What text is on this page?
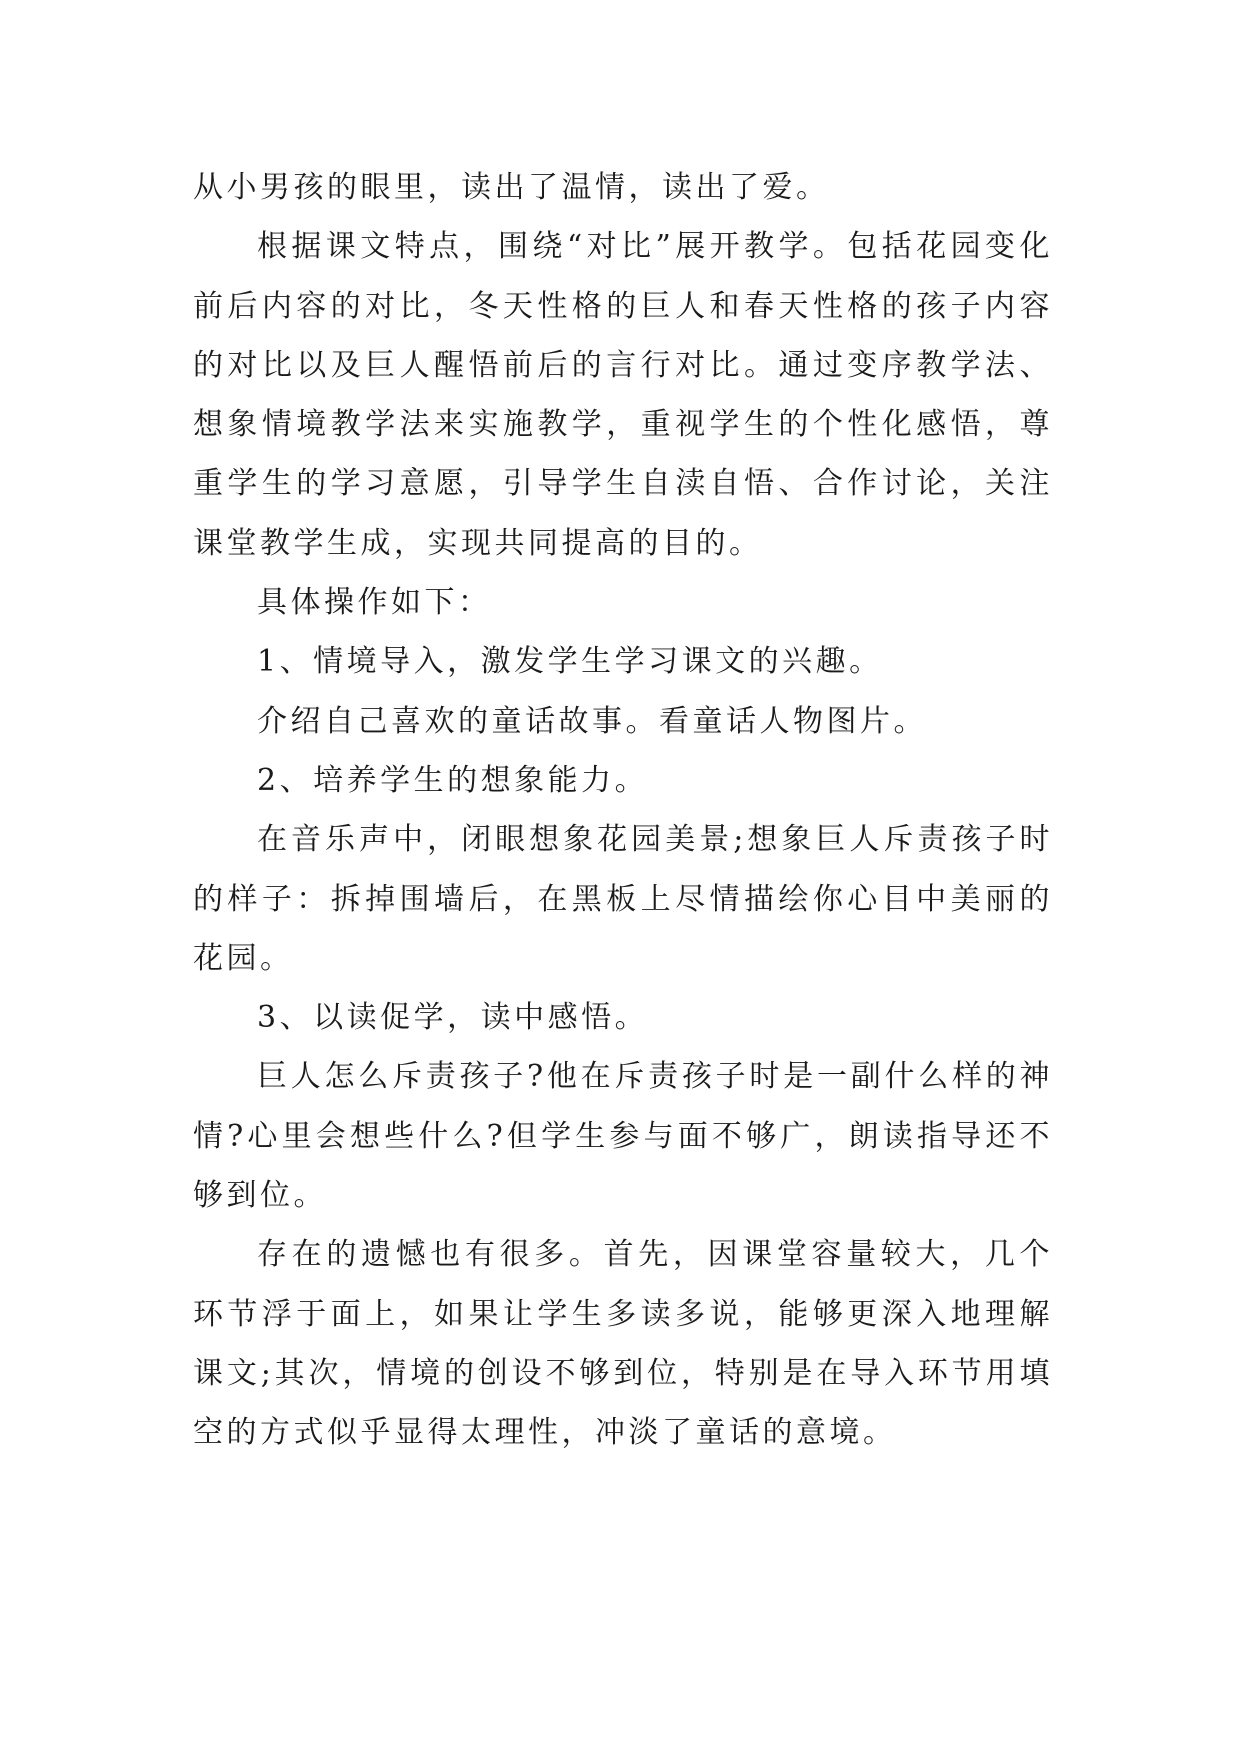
从小男孩的眼里，读出了温情，读出了爱。

根据课文特点，围绕“对比”展开教学。包括花园变化前后内容的对比，冬天性格的巨人和春天性格的孩子内容的对比以及巨人醒悟前后的言行对比。通过变序教学法、想象情境教学法来实施教学，重视学生的个性化感悟，尊重学生的学习意愿，引导学生自渎自悟、合作讨论，关注课堂教学生成，实现共同提高的目的。

具体操作如下：

1、情境导入，激发学生学习课文的兴趣。

介绍自己喜欢的童话故事。看童话人物图片。

2、培养学生的想象能力。

在音乐声中，闭眼想象花园美景;想象巨人斥责孩子时的样子：拆掉围墙后，在黑板上尽情描绘你心目中美丽的花园。

3、以读促学，读中感悟。

巨人怎么斥责孩子?他在斥责孩子时是一副什么样的神情?心里会想些什么?但学生参与面不够广，朗读指导还不够到位。

存在的遗憾也有很多。首先，因课堂容量较大，几个环节浮于面上，如果让学生多读多说，能够更深入地理解课文;其次，情境的创设不够到位，特别是在导入环节用填空的方式似乎显得太理性，冲淡了童话的意境。
